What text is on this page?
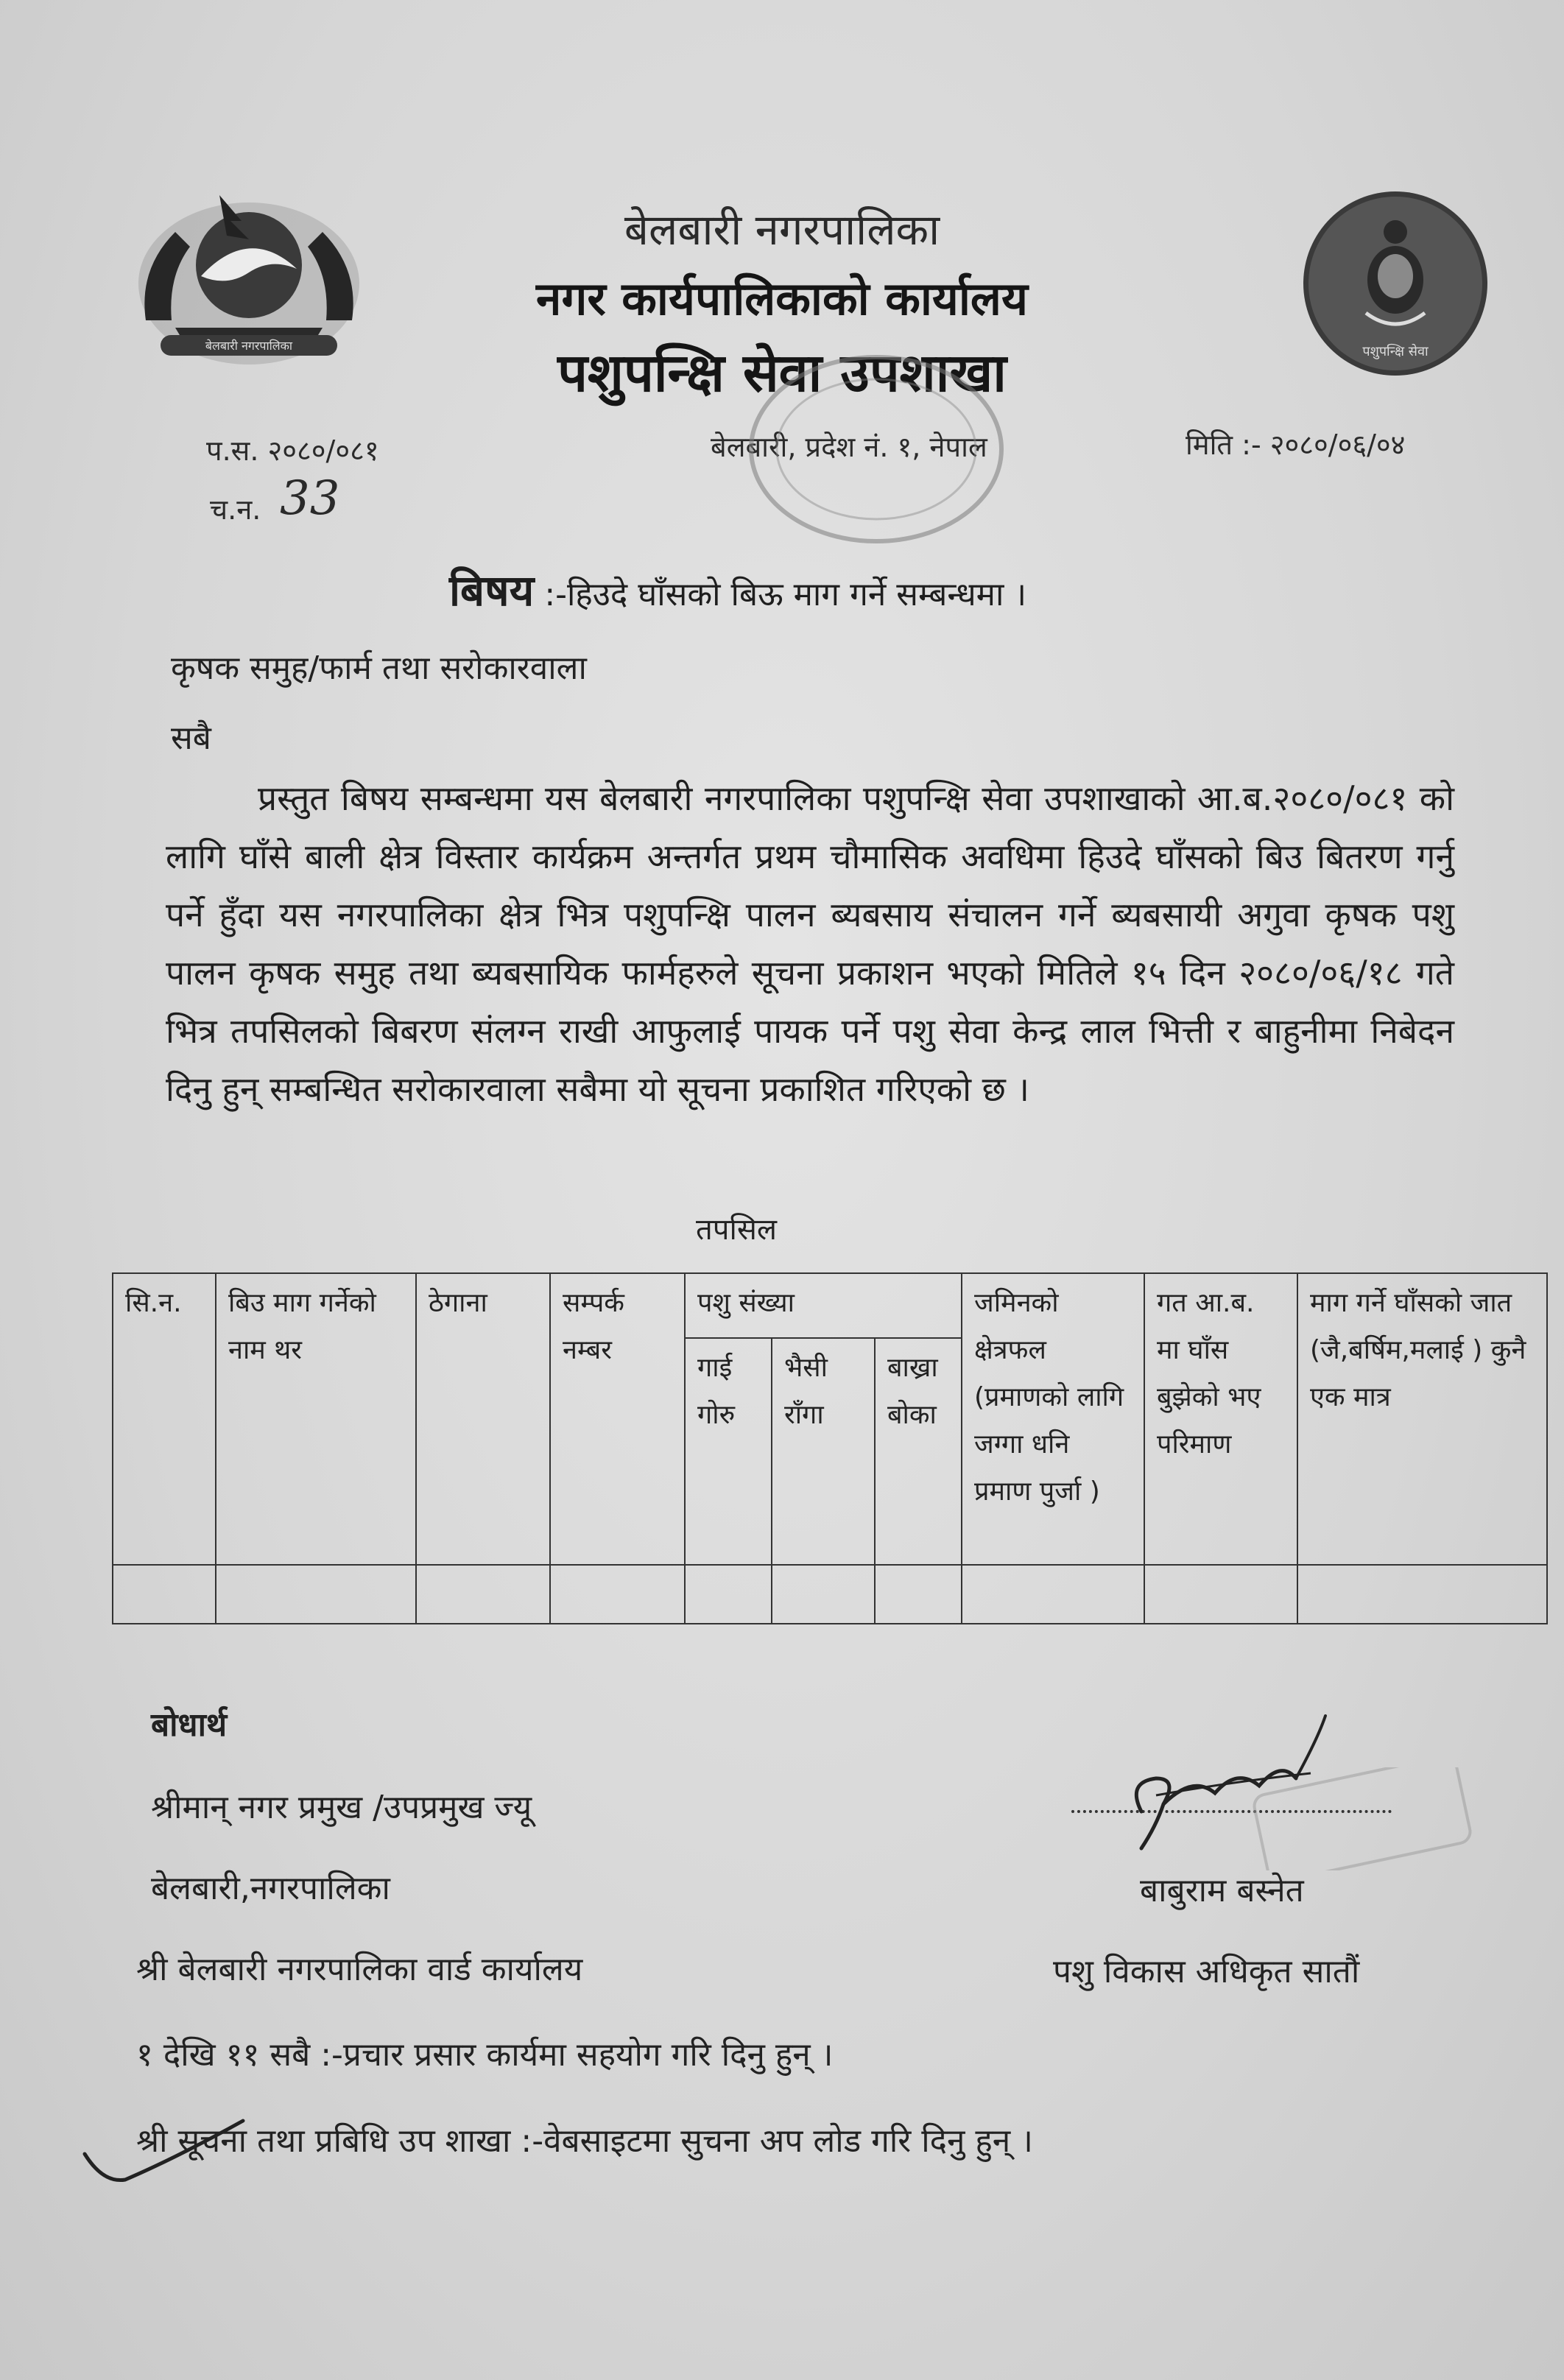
बेलबारी नगरपालिका	पशुपन्क्षि सेवा
बेलबारी नगरपालिका
नगर कार्यपालिकाको कार्यालय
पशुपन्क्षि सेवा उपशाखा
बेलबारी, प्रदेश नं. १, नेपाल
प.स. २०८०/०८१
च.न. 33
मिति :- २०८०/०६/०४
बिषय :-हिउदे घाँसको बिऊ माग गर्ने सम्बन्धमा ।
कृषक समुह/फार्म तथा सरोकारवाला
सबै
प्रस्तुत बिषय सम्बन्धमा यस बेलबारी नगरपालिका पशुपन्क्षि सेवा उपशाखाको आ.ब.२०८०/०८१ को लागि घाँसे बाली क्षेत्र विस्तार कार्यक्रम अन्तर्गत प्रथम चौमासिक अवधिमा हिउदे घाँसको बिउ बितरण गर्नु पर्ने हुँदा यस नगरपालिका क्षेत्र भित्र पशुपन्क्षि पालन ब्यबसाय संचालन गर्ने ब्यबसायी अगुवा कृषक पशु पालन कृषक समुह तथा ब्यबसायिक फार्महरुले सूचना प्रकाशन भएको मितिले १५ दिन २०८०/०६/१८ गते भित्र तपसिलको बिबरण संलग्न राखी आफुलाई पायक पर्ने पशु सेवा केन्द्र लाल भित्ती र बाहुनीमा निबेदन दिनु हुन् सम्बन्धित सरोकारवाला सबैमा यो सूचना प्रकाशित गरिएको छ ।
तपसिल
सि.न.	बिउ माग गर्नेको नाम थर	ठेगाना	सम्पर्क नम्बर	पशु संख्या			जमिनको क्षेत्रफल (प्रमाणको लागि जग्गा धनि प्रमाण पुर्जा )	गत आ.ब. मा घाँस बुझेको भए परिमाण	माग गर्ने घाँसको जात (जै,बर्षिम,मलाई ) कुनै एक मात्र
				गाई गोरु	भैसी राँगा	बाख्रा बोका			

बोधार्थ
श्रीमान् नगर प्रमुख /उपप्रमुख ज्यू
बेलबारी,नगरपालिका
श्री बेलबारी नगरपालिका वार्ड कार्यालय
१ देखि ११ सबै :-प्रचार प्रसार कार्यमा सहयोग गरि दिनु हुन् ।
श्री सूचना तथा प्रबिधि उप शाखा :-वेबसाइटमा सुचना अप लोड गरि दिनु हुन् ।
बाबुराम बस्नेत
पशु विकास अधिकृत सातौं
